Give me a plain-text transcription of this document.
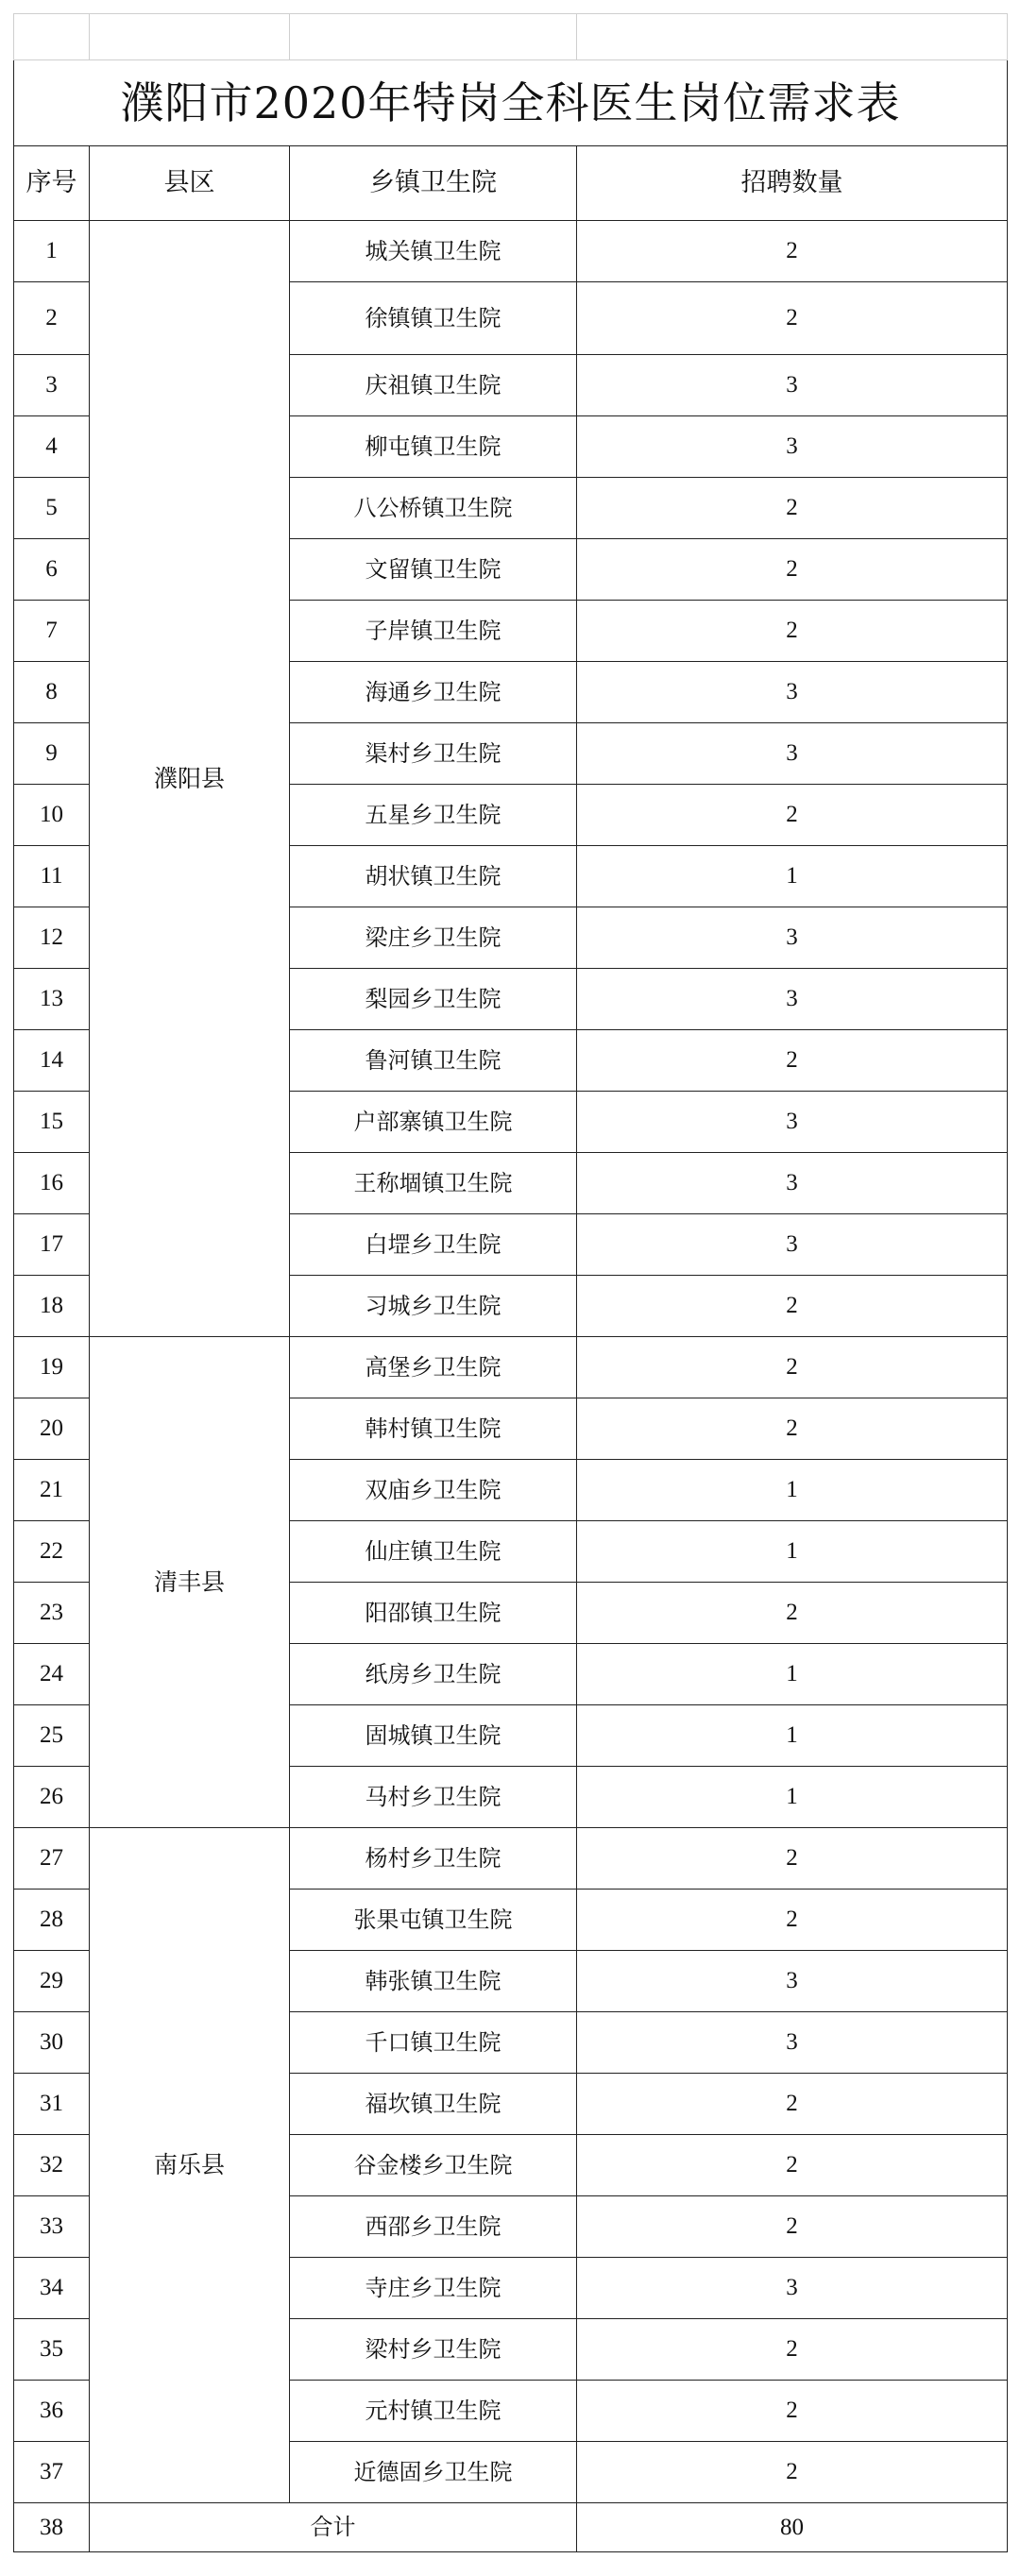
濮阳市2020年特岗全科医生岗位需求表			
序号	县区	乡镇卫生院	招聘数量
1	濮阳县	城关镇卫生院	2
2		徐镇镇卫生院	2
3		庆祖镇卫生院	3
4		柳屯镇卫生院	3
5		八公桥镇卫生院	2
6		文留镇卫生院	2
7		子岸镇卫生院	2
8		海通乡卫生院	3
9		渠村乡卫生院	3
10		五星乡卫生院	2
11		胡状镇卫生院	1
12		梁庄乡卫生院	3
13		梨园乡卫生院	3
14		鲁河镇卫生院	2
15		户部寨镇卫生院	3
16		王称堌镇卫生院	3
17		白堽乡卫生院	3
18		习城乡卫生院	2
19	清丰县	高堡乡卫生院	2
20		韩村镇卫生院	2
21		双庙乡卫生院	1
22		仙庄镇卫生院	1
23		阳邵镇卫生院	2
24		纸房乡卫生院	1
25		固城镇卫生院	1
26		马村乡卫生院	1
27	南乐县	杨村乡卫生院	2
28		张果屯镇卫生院	2
29		韩张镇卫生院	3
30		千口镇卫生院	3
31		福坎镇卫生院	2
32		谷金楼乡卫生院	2
33		西邵乡卫生院	2
34		寺庄乡卫生院	3
35		梁村乡卫生院	2
36		元村镇卫生院	2
37		近德固乡卫生院	2
38	合计		80
